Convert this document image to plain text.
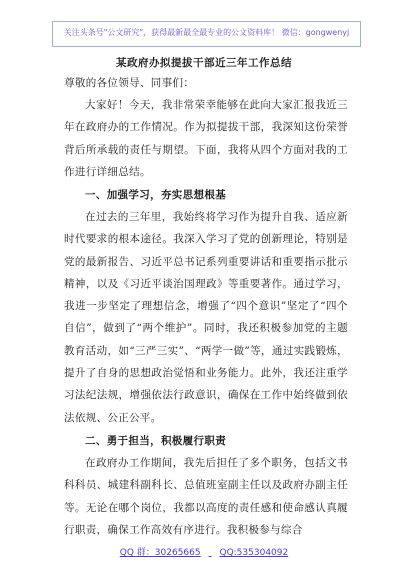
关注头条号"公文研究"，获得最新最全最专业的公文资料库！ 微信：gongwenyj
某政府办拟提拔干部近三年工作总结
尊敬的各位领导、同事们：
大家好！今天，我非常荣幸能够在此向大家汇报我近三年在政府办的工作情况。作为拟提拔干部，我深知这份荣誉背后所承载的责任与期望。下面，我将从四个方面对我的工作进行详细总结。
一、加强学习，夯实思想根基
在过去的三年里，我始终将学习作为提升自我、适应新时代要求的根本途径。我深入学习了党的创新理论，特别是党的最新报告、习近平总书记系列重要讲话和重要指示批示精神，以及《习近平谈治国理政》等重要著作。通过学习，我进一步坚定了理想信念，增强了“四个意识”坚定了“四个自信”，做到了“两个维护”。同时，我还积极参加党的主题教育活动，如“三严三实”、“两学一做”等，通过实践锻炼，提升了自身的思想政治觉悟和业务能力。此外，我还注重学习法纪法规，增强依法行政意识，确保在工作中始终做到依法依规、公正公平。
二、勇于担当，积极履行职责
在政府办工作期间，我先后担任了多个职务，包括文书科科员、城建科副科长、总值班室副主任以及政府办副主任等。无论在哪个岗位，我都以高度的责任感和使命感认真履行职责，确保工作高效有序进行。我积极参与综合
QQ 群：30265665 QQ:535304092
